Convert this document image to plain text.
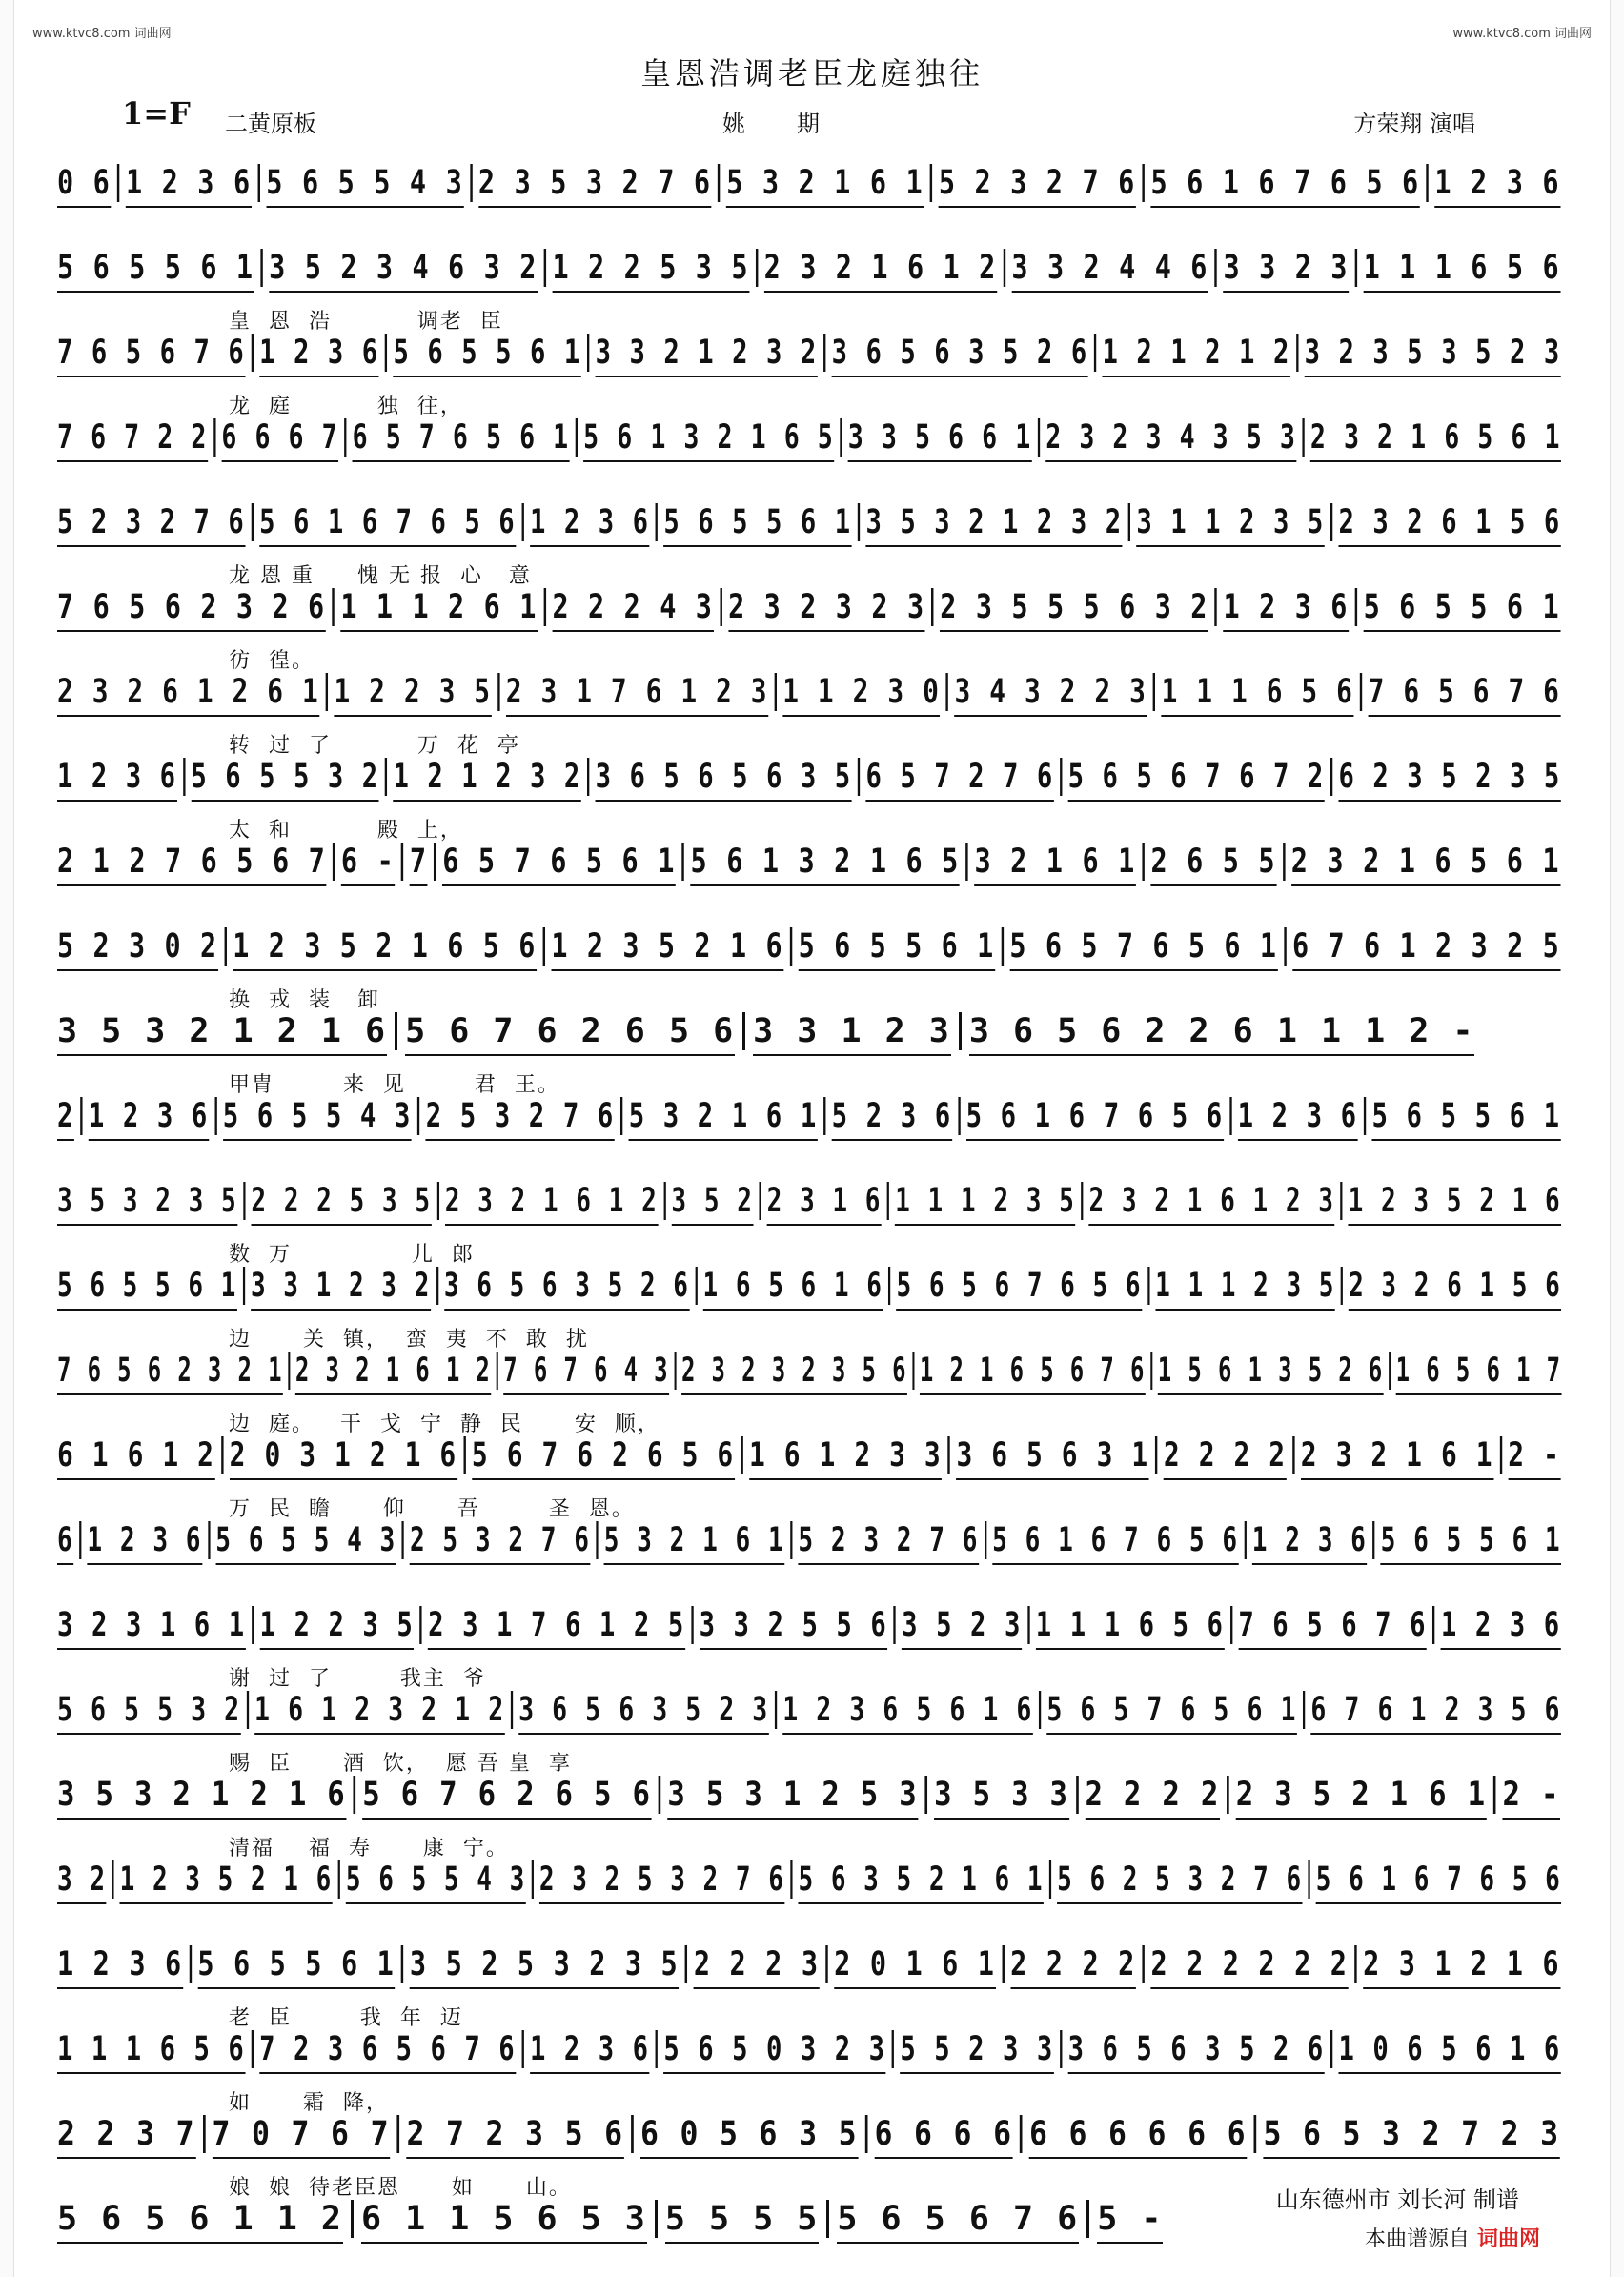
www.ktvc8.com 词曲网	www.ktvc8.com 词曲网
皇恩浩调老臣龙庭独往
1=F 二黄原板	姚期	方荣翔 演唱
0 6 1 2 3 6 5 6 5 5 4 3 2 3 5 3 2 7 6 5 3 2 1 6 1 5 2 3 2 7 6 5 6 1 6 7 6 5 6 1 2 3 6
5 6 5 5 6 1 3 5 2 3 4 6 3 2 1 2 2 5 3 5 2 3 2 1 6 1 2 3 3 2 4 4 6 3 3 2 3 1 1 1 6 5 6
皇  恩  浩          调老  臣
7 6 5 6 7 6 1 2 3 6 5 6 5 5 6 1 3 3 2 1 2 3 2 3 6 5 6 3 5 2 6 1 2 1 2 1 2 3 2 3 5 3 5 2 3
龙  庭          独  往，
7 6 7 2 2 6 6 6 7 6 5 7 6 5 6 1 5 6 1 3 2 1 6 5 3 3 5 6 6 1 2 3 2 3 4 3 5 3 2 3 2 1 6 5 6 1
5 2 3 2 7 6 5 6 1 6 7 6 5 6 1 2 3 6 5 6 5 5 6 1 3 5 3 2 1 2 3 2 3 1 1 2 3 5 2 3 2 6 1 5 6
龙 恩 重     愧 无 报  心   意
7 6 5 6 2 3 2 6 1 1 1 2 6 1 2 2 2 4 3 2 3 2 3 2 3 2 3 5 5 5 6 3 2 1 2 3 6 5 6 5 5 6 1
彷  徨。
2 3 2 6 1 2 6 1 1 2 2 3 5 2 3 1 7 6 1 2 3 1 1 2 3 0 3 4 3 2 2 3 1 1 1 6 5 6 7 6 5 6 7 6
转  过  了          万  花  亭
1 2 3 6 5 6 5 5 3 2 1 2 1 2 3 2 3 6 5 6 5 6 3 5 6 5 7 2 7 6 5 6 5 6 7 6 7 2 6 2 3 5 2 3 5
太  和          殿  上，
2 1 2 7 6 5 6 7 6 - 7 6 5 7 6 5 6 1 5 6 1 3 2 1 6 5 3 2 1 6 1 2 6 5 5 2 3 2 1 6 5 6 1
5 2 3 0 2 1 2 3 5 2 1 6 5 6 1 2 3 5 2 1 6 5 6 5 5 6 1 5 6 5 7 6 5 6 1 6 7 6 1 2 3 2 5
换  戎  装   卸
3 5 3 2 1 2 1 6 5 6 7 6 2 6 5 6 3 3 1 2 3 3 6 5 6 2 2 6 1 1 1 2 -
甲胄        来  见        君  王。
2 1 2 3 6 5 6 5 5 4 3 2 5 3 2 7 6 5 3 2 1 6 1 5 2 3 6 5 6 1 6 7 6 5 6 1 2 3 6 5 6 5 5 6 1
3 5 3 2 3 5 2 2 2 5 3 5 2 3 2 1 6 1 2 3 5 2 2 3 1 6 1 1 1 2 3 5 2 3 2 1 6 1 2 3 1 2 3 5 2 1 6
数  万              儿  郎
5 6 5 5 6 1 3 3 1 2 3 2 3 6 5 6 3 5 2 6 1 6 5 6 1 6 5 6 5 6 7 6 5 6 1 1 1 2 3 5 2 3 2 6 1 5 6
边      关  镇，  蛮  夷  不  敢  扰
7 6 5 6 2 3 2 1 2 3 2 1 6 1 2 7 6 7 6 4 3 2 3 2 3 2 3 5 6 1 2 1 6 5 6 7 6 1 5 6 1 3 5 2 6 1 6 5 6 1 7
边  庭。   干  戈  宁  静  民      安  顺，
6 1 6 1 2 2 0 3 1 2 1 6 5 6 7 6 2 6 5 6 1 6 1 2 3 3 3 6 5 6 3 1 2 2 2 2 2 3 2 1 6 1 2 -
万  民  瞻      仰      吾        圣  恩。
6 1 2 3 6 5 6 5 5 4 3 2 5 3 2 7 6 5 3 2 1 6 1 5 2 3 2 7 6 5 6 1 6 7 6 5 6 1 2 3 6 5 6 5 5 6 1
3 2 3 1 6 1 1 2 2 3 5 2 3 1 7 6 1 2 5 3 3 2 5 5 6 3 5 2 3 1 1 1 6 5 6 7 6 5 6 7 6 1 2 3 6
谢  过  了        我主  爷
5 6 5 5 3 2 1 6 1 2 3 2 1 2 3 6 5 6 3 5 2 3 1 2 3 6 5 6 1 6 5 6 5 7 6 5 6 1 6 7 6 1 2 3 5 6
赐  臣      酒  饮，  愿 吾 皇  享
3 5 3 2 1 2 1 6 5 6 7 6 2 6 5 6 3 5 3 1 2 5 3 3 5 3 3 2 2 2 2 2 3 5 2 1 6 1 2 -
清福    福  寿      康  宁。
3 2 1 2 3 5 2 1 6 5 6 5 5 4 3 2 3 2 5 3 2 7 6 5 6 3 5 2 1 6 1 5 6 2 5 3 2 7 6 5 6 1 6 7 6 5 6
1 2 3 6 5 6 5 5 6 1 3 5 2 5 3 2 3 5 2 2 2 3 2 0 1 6 1 2 2 2 2 2 2 2 2 2 2 2 3 1 2 1 6
老  臣        我  年  迈
1 1 1 6 5 6 7 2 3 6 5 6 7 6 1 2 3 6 5 6 5 0 3 2 3 5 5 2 3 3 3 6 5 6 3 5 2 6 1 0 6 5 6 1 6
如      霜  降，
2 2 3 7 7 0 7 6 7 2 7 2 3 5 6 6 0 5 6 3 5 6 6 6 6 6 6 6 6 6 6 5 6 5 3 2 7 2 3
娘  娘  待老臣恩      如      山。
5 6 5 6 1 1 2 6 1 1 5 6 5 3 5 5 5 5 5 6 5 6 7 6 5 -	山东德州市 刘长河 制谱
本曲谱源自 词曲网
